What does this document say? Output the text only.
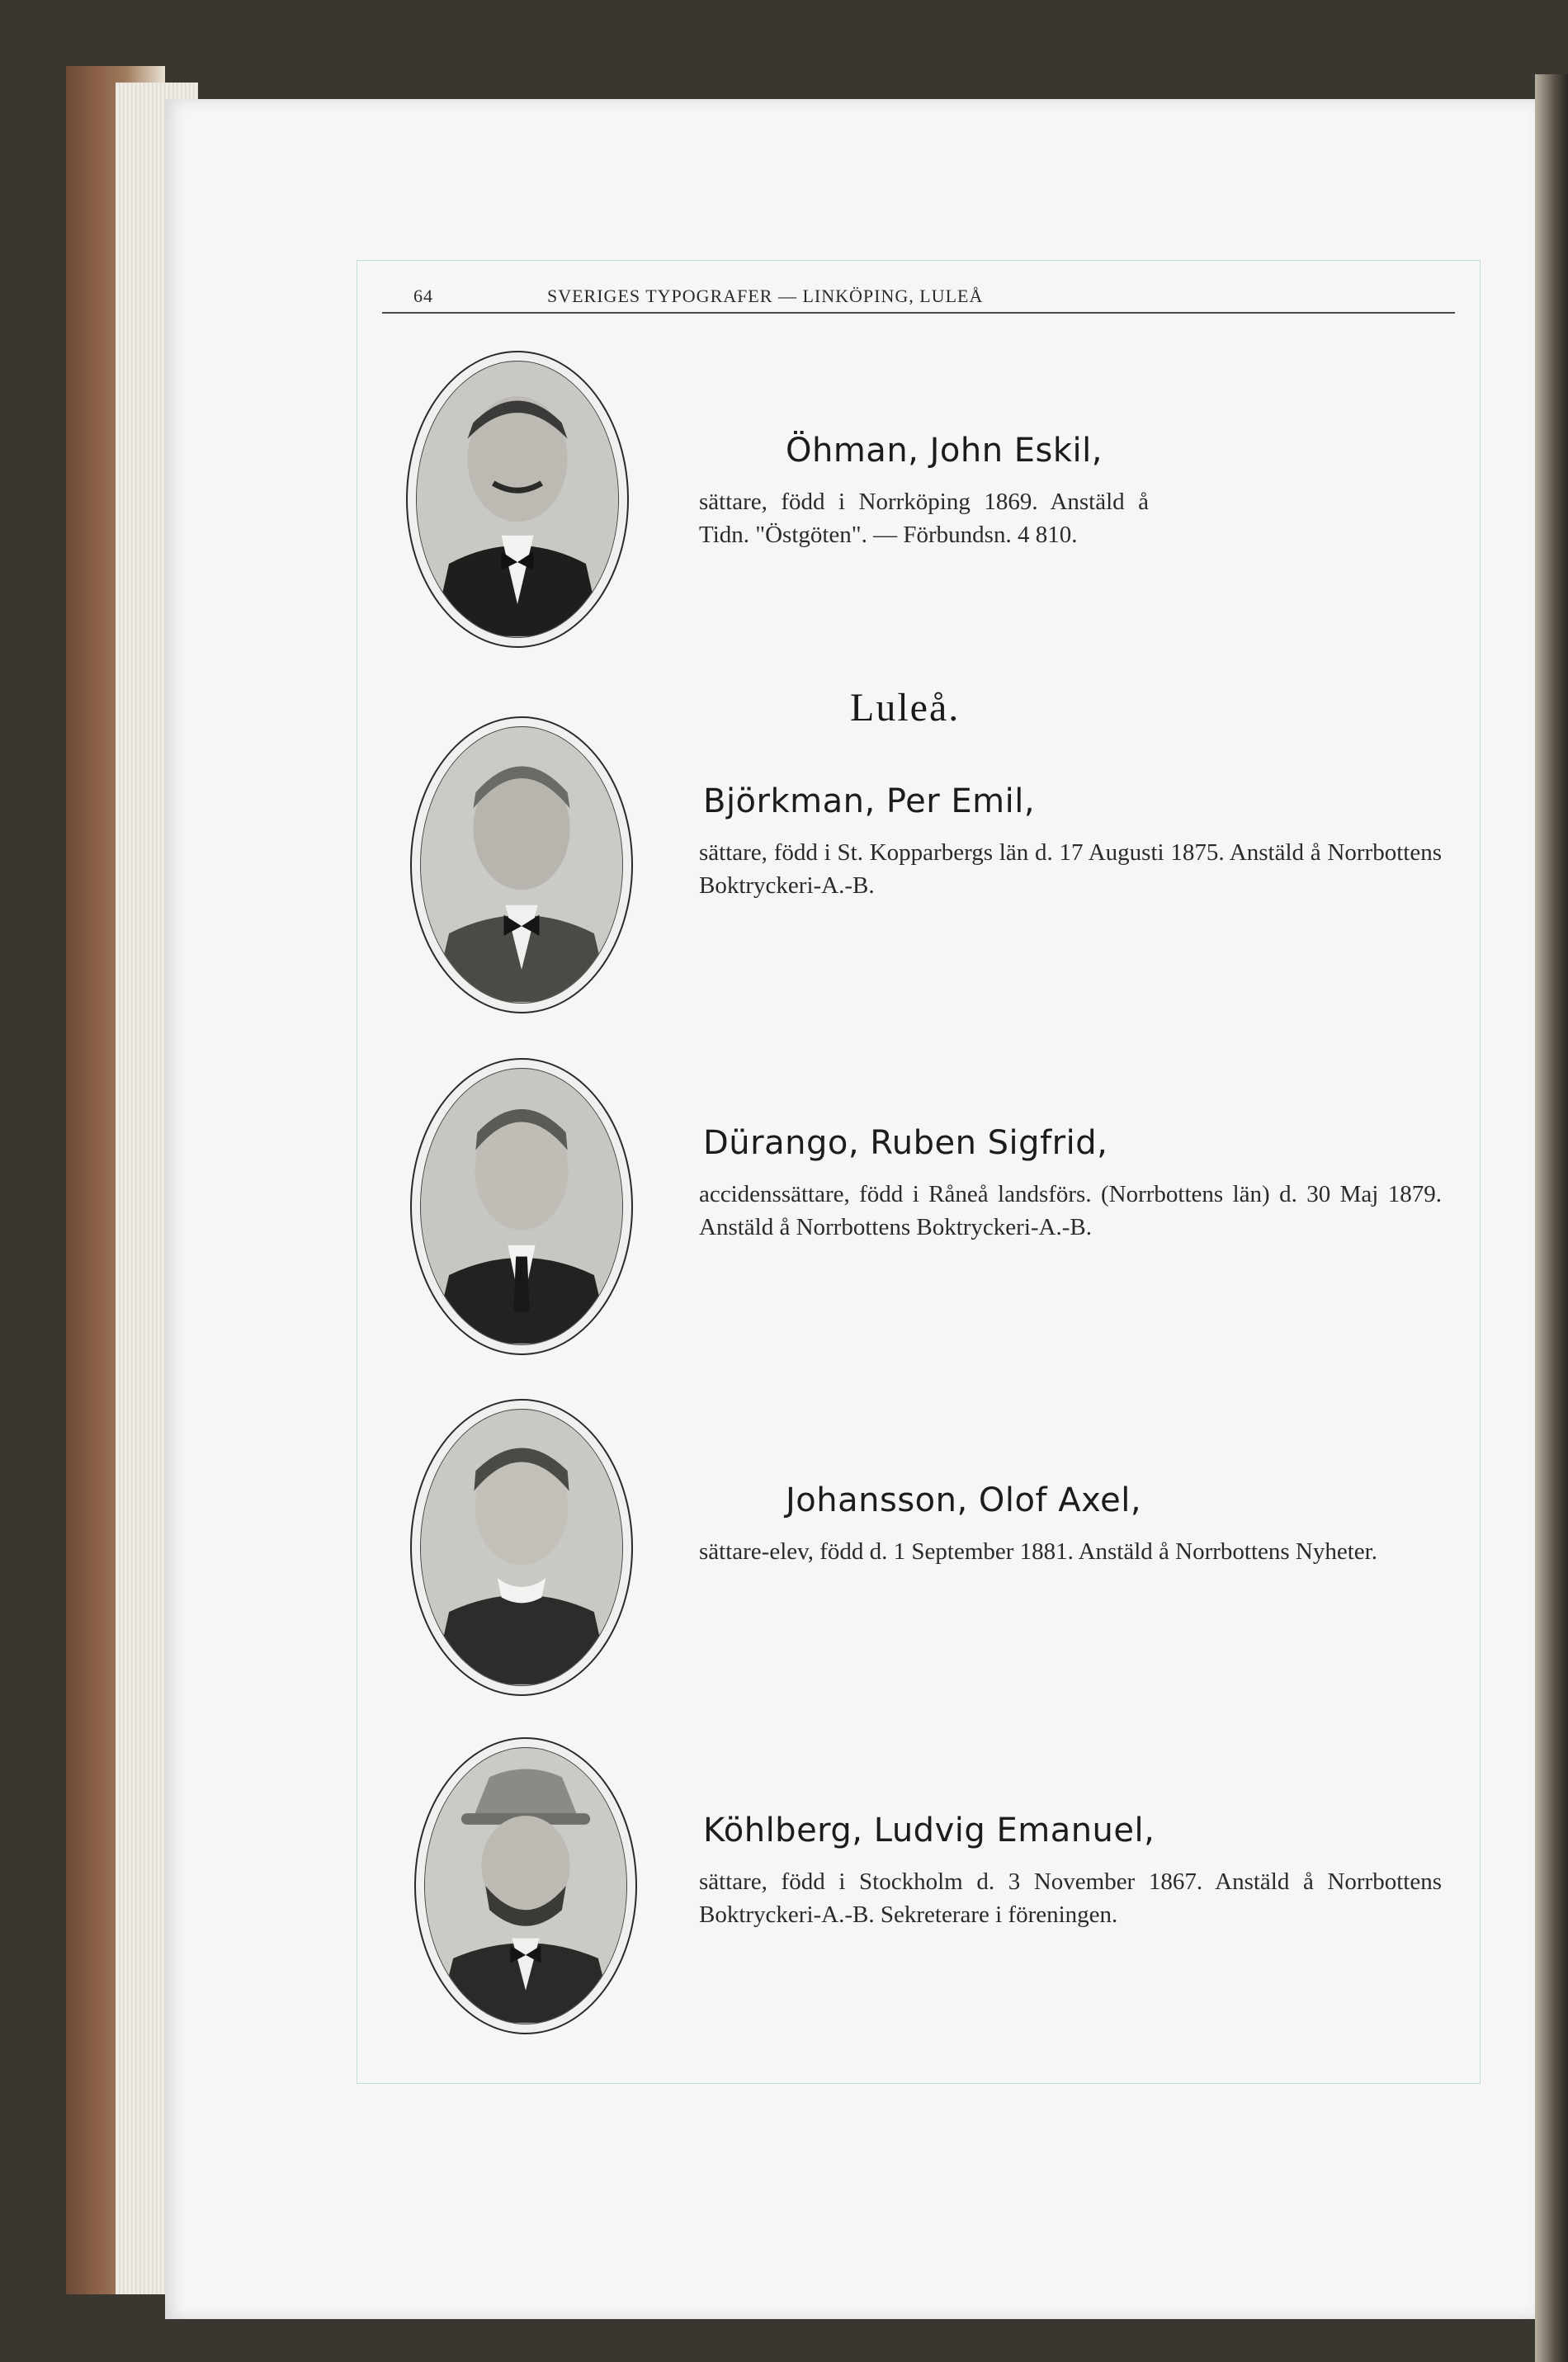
64	SVERIGES TYPOGRAFER — LINKÖPING, LULEÅ
Öhman, John Eskil,
sättare, född i Norrköping 1869. Anstäld å Tidn. "Östgöten". — Förbundsn. 4 810.
Luleå.
Björkman, Per Emil,
sättare, född i St. Kopparbergs län d. 17 Augusti 1875. Anstäld å Norrbottens Boktryckeri-A.-B.
Dürango, Ruben Sigfrid,
accidenssättare, född i Råneå landsförs. (Norrbottens län) d. 30 Maj 1879. Anstäld å Norrbottens Boktryckeri-A.-B.
Johansson, Olof Axel,
sättare-elev, född d. 1 September 1881. Anstäld å Norrbottens Nyheter.
Köhlberg, Ludvig Emanuel,
sättare, född i Stockholm d. 3 November 1867. Anstäld å Norrbottens Boktryckeri-A.-B. Sekreterare i föreningen.
